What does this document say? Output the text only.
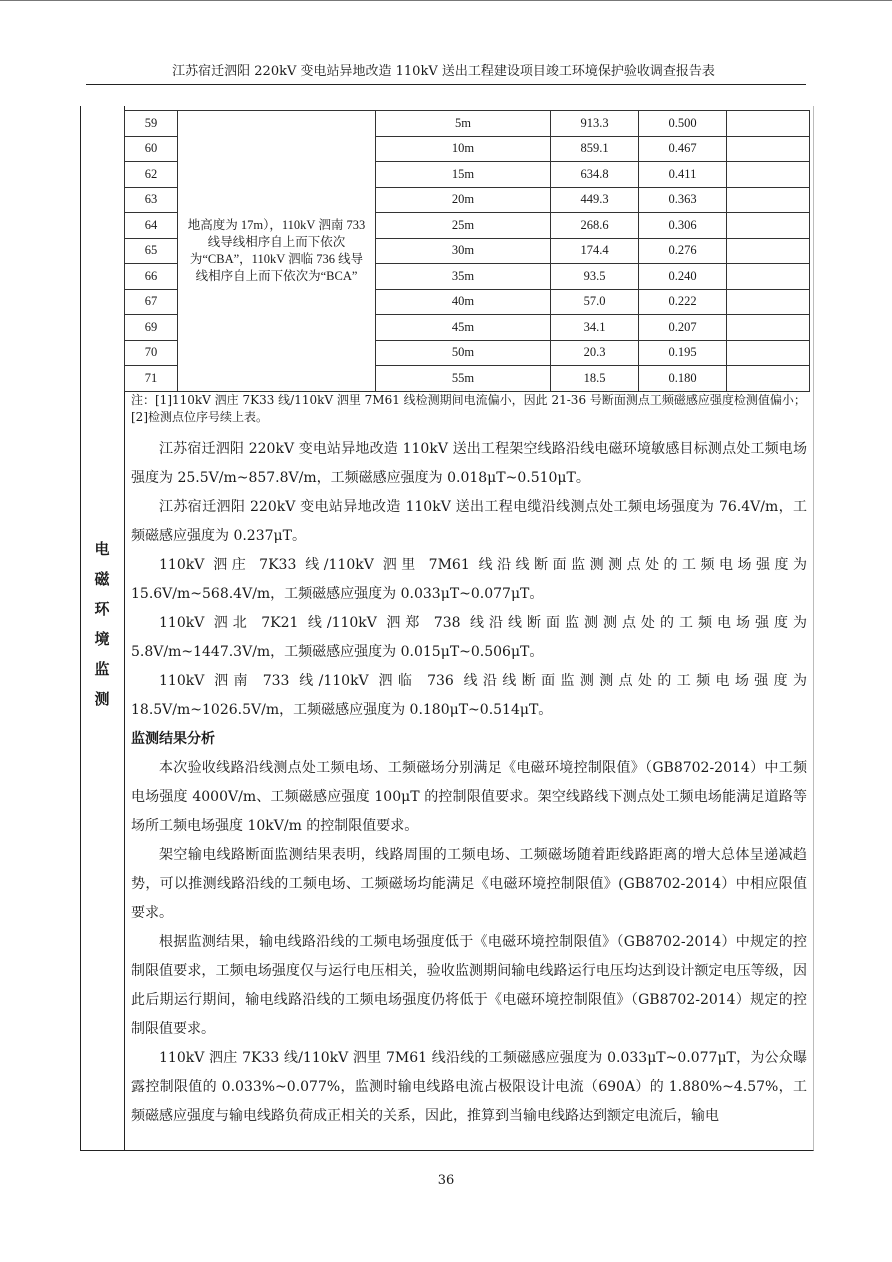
江苏宿迁泗阳 220kV 变电站异地改造 110kV 送出工程建设项目竣工环境保护验收调查报告表
电
磁
环
境
监
测
59	地高度为 17m），110kV 泗南 733 线导线相序自上而下依次为“CBA”，110kV 泗临 736 线导线相序自上而下依次为“BCA”	5m	913.3	0.500	
60		10m	859.1	0.467	
62		15m	634.8	0.411	
63		20m	449.3	0.363	
64		25m	268.6	0.306	
65		30m	174.4	0.276	
66		35m	93.5	0.240	
67		40m	57.0	0.222	
69		45m	34.1	0.207	
70		50m	20.3	0.195	
71		55m	18.5	0.180	
注：[1]110kV 泗庄 7K33 线/110kV 泗里 7M61 线检测期间电流偏小，因此 21-36 号断面测点工频磁感应强度检测值偏小；[2]检测点位序号续上表。

江苏宿迁泗阳 220kV 变电站异地改造 110kV 送出工程架空线路沿线电磁环境敏感目标测点处工频电场强度为 25.5V/m~857.8V/m，工频磁感应强度为 0.018μT~0.510μT。

江苏宿迁泗阳 220kV 变电站异地改造 110kV 送出工程电缆沿线测点处工频电场强度为 76.4V/m，工频磁感应强度为 0.237μT。

110kV 泗庄 7K33 线/110kV 泗里 7M61 线沿线断面监测测点处的工频电场强度为 15.6V/m~568.4V/m，工频磁感应强度为 0.033μT~0.077μT。

110kV 泗北 7K21 线/110kV 泗郑 738 线沿线断面监测测点处的工频电场强度为 5.8V/m~1447.3V/m，工频磁感应强度为 0.015μT~0.506μT。

110kV 泗南 733 线/110kV 泗临 736 线沿线断面监测测点处的工频电场强度为 18.5V/m~1026.5V/m，工频磁感应强度为 0.180μT~0.514μT。

监测结果分析

本次验收线路沿线测点处工频电场、工频磁场分别满足《电磁环境控制限值》（GB8702-2014）中工频电场强度 4000V/m、工频磁感应强度 100μT 的控制限值要求。架空线路线下测点处工频电场能满足道路等场所工频电场强度 10kV/m 的控制限值要求。

架空输电线路断面监测结果表明，线路周围的工频电场、工频磁场随着距线路距离的增大总体呈递减趋势，可以推测线路沿线的工频电场、工频磁场均能满足《电磁环境控制限值》(GB8702-2014）中相应限值要求。

根据监测结果，输电线路沿线的工频电场强度低于《电磁环境控制限值》（GB8702-2014）中规定的控制限值要求，工频电场强度仅与运行电压相关，验收监测期间输电线路运行电压均达到设计额定电压等级，因此后期运行期间，输电线路沿线的工频电场强度仍将低于《电磁环境控制限值》（GB8702-2014）规定的控制限值要求。

110kV 泗庄 7K33 线/110kV 泗里 7M61 线沿线的工频磁感应强度为 0.033μT~0.077μT，为公众曝露控制限值的 0.033%~0.077%，监测时输电线路电流占极限设计电流（690A）的 1.880%~4.57%，工频磁感应强度与输电线路负荷成正相关的关系，因此，推算到当输电线路达到额定电流后，输电

36
